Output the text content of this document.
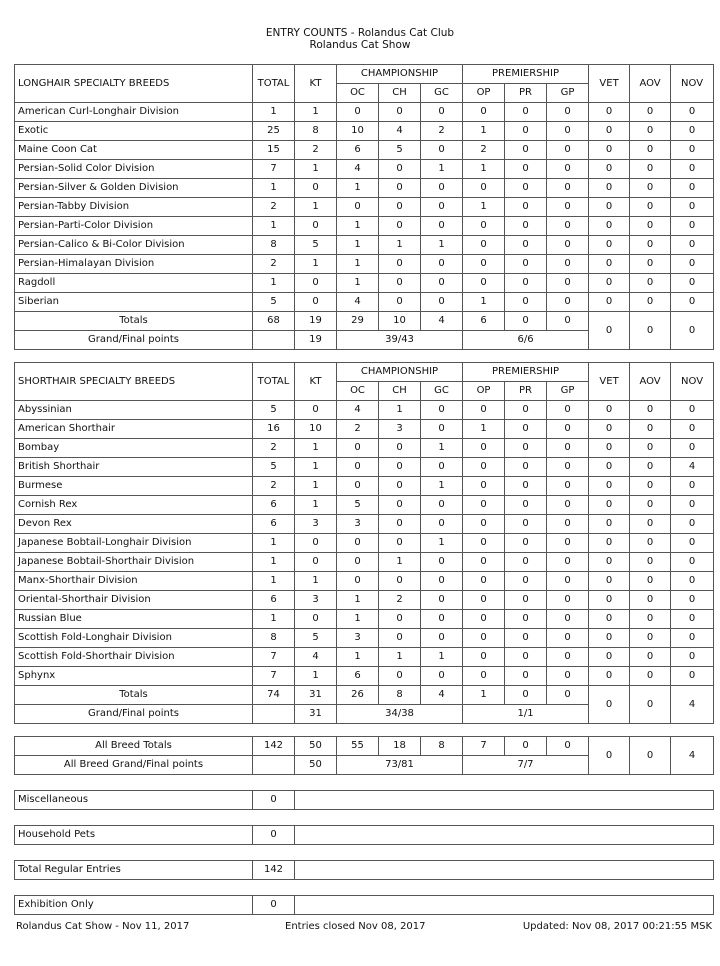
ENTRY COUNTS - Rolandus Cat Club
Rolandus Cat Show
LONGHAIR SPECIALTY BREEDS	TOTAL	KT	CHAMPIONSHIP			PREMIERSHIP			VET	AOV	NOV
			OC	CH	GC	OP	PR	GP			
American Curl-Longhair Division	1	1	0	0	0	0	0	0	0	0	0
Exotic	25	8	10	4	2	1	0	0	0	0	0
Maine Coon Cat	15	2	6	5	0	2	0	0	0	0	0
Persian-Solid Color Division	7	1	4	0	1	1	0	0	0	0	0
Persian-Silver & Golden Division	1	0	1	0	0	0	0	0	0	0	0
Persian-Tabby Division	2	1	0	0	0	1	0	0	0	0	0
Persian-Parti-Color Division	1	0	1	0	0	0	0	0	0	0	0
Persian-Calico & Bi-Color Division	8	5	1	1	1	0	0	0	0	0	0
Persian-Himalayan Division	2	1	1	0	0	0	0	0	0	0	0
Ragdoll	1	0	1	0	0	0	0	0	0	0	0
Siberian	5	0	4	0	0	1	0	0	0	0	0
Totals	68	19	29	10	4	6	0	0	0	0	0
Grand/Final points		19	39/43			6/6					
SHORTHAIR SPECIALTY BREEDS	TOTAL	KT	CHAMPIONSHIP			PREMIERSHIP			VET	AOV	NOV
			OC	CH	GC	OP	PR	GP			
Abyssinian	5	0	4	1	0	0	0	0	0	0	0
American Shorthair	16	10	2	3	0	1	0	0	0	0	0
Bombay	2	1	0	0	1	0	0	0	0	0	0
British Shorthair	5	1	0	0	0	0	0	0	0	0	4
Burmese	2	1	0	0	1	0	0	0	0	0	0
Cornish Rex	6	1	5	0	0	0	0	0	0	0	0
Devon Rex	6	3	3	0	0	0	0	0	0	0	0
Japanese Bobtail-Longhair Division	1	0	0	0	1	0	0	0	0	0	0
Japanese Bobtail-Shorthair Division	1	0	0	1	0	0	0	0	0	0	0
Manx-Shorthair Division	1	1	0	0	0	0	0	0	0	0	0
Oriental-Shorthair Division	6	3	1	2	0	0	0	0	0	0	0
Russian Blue	1	0	1	0	0	0	0	0	0	0	0
Scottish Fold-Longhair Division	8	5	3	0	0	0	0	0	0	0	0
Scottish Fold-Shorthair Division	7	4	1	1	1	0	0	0	0	0	0
Sphynx	7	1	6	0	0	0	0	0	0	0	0
Totals	74	31	26	8	4	1	0	0	0	0	4
Grand/Final points		31	34/38			1/1					
All Breed Totals	142	50	55	18	8	7	0	0	0	0	4
All Breed Grand/Final points		50	73/81			7/7					

Miscellaneous	0										

Household Pets	0										

Total Regular Entries	142										

Exhibition Only	0										
Rolandus Cat Show - Nov 11, 2017	Entries closed Nov 08, 2017	Updated: Nov 08, 2017 00:21:55 MSK
